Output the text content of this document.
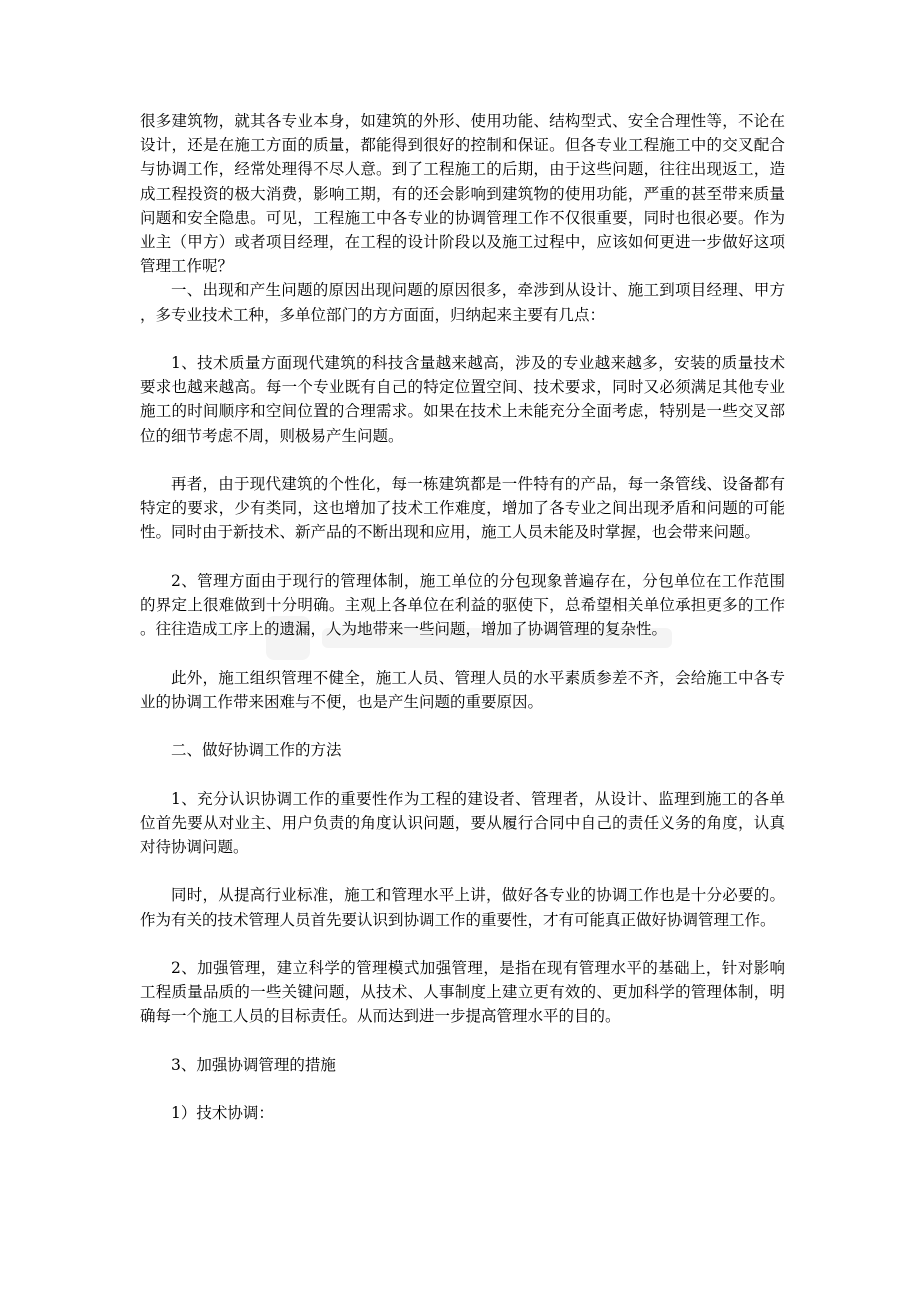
很多建筑物，就其各专业本身，如建筑的外形、使用功能、结构型式、安全合理性等，不论在设计，还是在施工方面的质量，都能得到很好的控制和保证。但各专业工程施工中的交叉配合与协调工作，经常处理得不尽人意。到了工程施工的后期，由于这些问题，往往出现返工，造成工程投资的极大消费，影响工期，有的还会影响到建筑物的使用功能，严重的甚至带来质量问题和安全隐患。可见，工程施工中各专业的协调管理工作不仅很重要，同时也很必要。作为业主（甲方）或者项目经理，在工程的设计阶段以及施工过程中，应该如何更进一步做好这项管理工作呢？

一、出现和产生问题的原因出现问题的原因很多，牵涉到从设计、施工到项目经理、甲方，多专业技术工种，多单位部门的方方面面，归纳起来主要有几点：

1、技术质量方面现代建筑的科技含量越来越高，涉及的专业越来越多，安装的质量技术要求也越来越高。每一个专业既有自己的特定位置空间、技术要求，同时又必须满足其他专业施工的时间顺序和空间位置的合理需求。如果在技术上未能充分全面考虑，特别是一些交叉部位的细节考虑不周，则极易产生问题。

再者，由于现代建筑的个性化，每一栋建筑都是一件特有的产品，每一条管线、设备都有特定的要求，少有类同，这也增加了技术工作难度，增加了各专业之间出现矛盾和问题的可能性。同时由于新技术、新产品的不断出现和应用，施工人员未能及时掌握，也会带来问题。

2、管理方面由于现行的管理体制，施工单位的分包现象普遍存在，分包单位在工作范围的界定上很难做到十分明确。主观上各单位在利益的驱使下，总希望相关单位承担更多的工作。往往造成工序上的遗漏，人为地带来一些问题，增加了协调管理的复杂性。

此外，施工组织管理不健全，施工人员、管理人员的水平素质参差不齐，会给施工中各专业的协调工作带来困难与不便，也是产生问题的重要原因。

二、做好协调工作的方法

1、充分认识协调工作的重要性作为工程的建设者、管理者，从设计、监理到施工的各单位首先要从对业主、用户负责的角度认识问题，要从履行合同中自己的责任义务的角度，认真对待协调问题。

同时，从提高行业标准，施工和管理水平上讲，做好各专业的协调工作也是十分必要的。作为有关的技术管理人员首先要认识到协调工作的重要性，才有可能真正做好协调管理工作。

2、加强管理，建立科学的管理模式加强管理，是指在现有管理水平的基础上，针对影响工程质量品质的一些关键问题，从技术、人事制度上建立更有效的、更加科学的管理体制，明确每一个施工人员的目标责任。从而达到进一步提高管理水平的目的。

3、加强协调管理的措施

1）技术协调：
